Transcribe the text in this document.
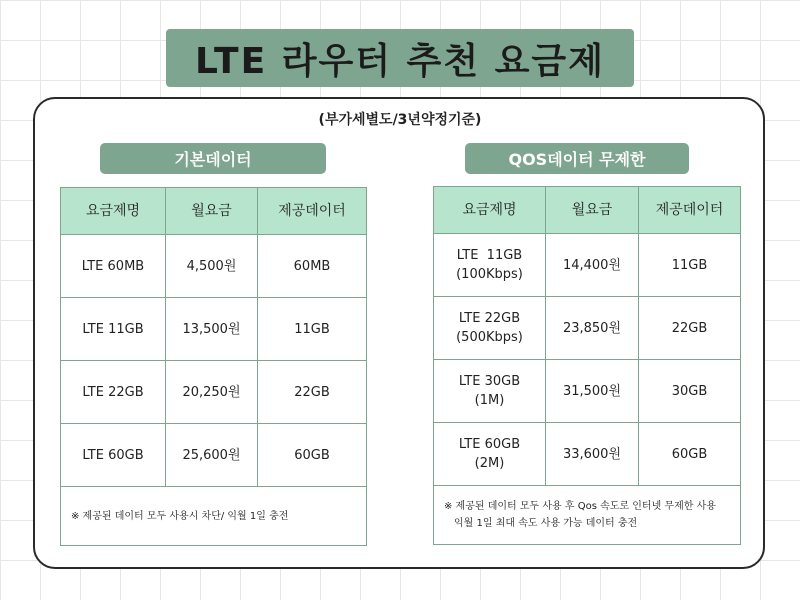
LTE 라우터 추천 요금제
(부가세별도/3년약정기준)
기본데이터	QOS데이터 무제한
요금제명	월요금	제공데이터
LTE 60MB	4,500원	60MB
LTE 11GB	13,500원	11GB
LTE 22GB	20,250원	22GB
LTE 60GB	25,600원	60GB
※ 제공된 데이터 모두 사용시 차단/ 익월 1일 충전		
요금제명	월요금	제공데이터
LTE  11GB
(100Kbps)	14,400원	11GB
LTE 22GB
(500Kbps)	23,850원	22GB
LTE 30GB
(1M)	31,500원	30GB
LTE 60GB
(2M)	33,600원	60GB

※ 제공된 데이터 모두 사용 후 Qos 속도로 인터넷 무제한 사용
익월 1일 최대 속도 사용 가능 데이터 충전		
